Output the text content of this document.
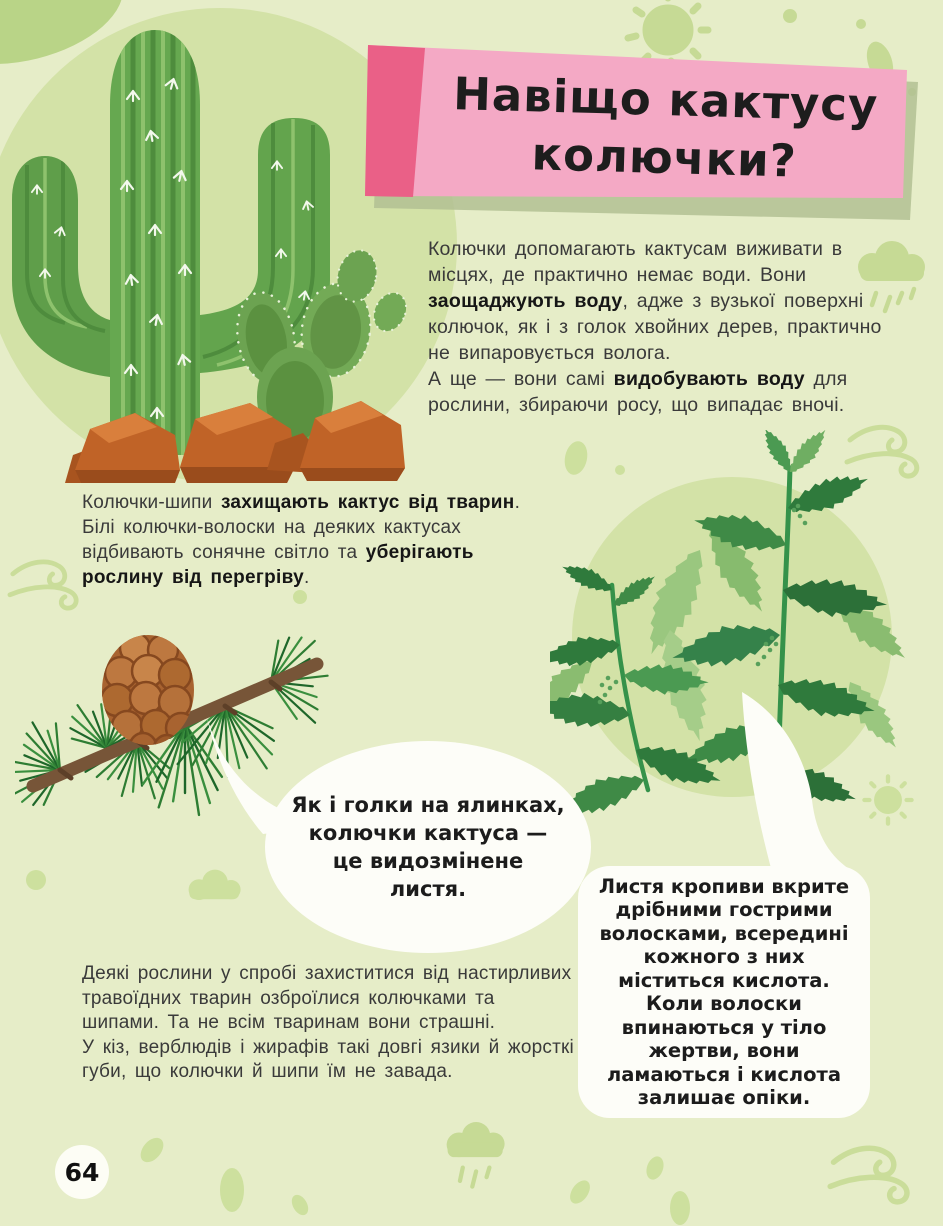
Навіщо кактусу
колючки?
Колючки допомагають кактусам виживати в місцях, де практично немає води. Вони заощаджують воду, адже з вузької поверхні колючок, як і з голок хвойних дерев, практично не випаровується волога.
А ще — вони самі видобувають воду для рослини, збираючи росу, що випадає вночі.
Колючки-шипи захищають кактус від тварин. Білі колючки-волоски на деяких кактусах відбивають сонячне світло та уберігають рослину від перегріву.
Як і голки на ялинках, колючки кактуса — це видозмінене листя.	Листя кропиви вкрите дрібними гострими волосками, всередині кожного з них міститься кислота. Коли волоски впинаються у тіло жертви, вони ламаються і кислота залишає опіки.
Деякі рослини у спробі захиститися від настирливих травоїдних тварин озброїлися колючками та шипами. Та не всім тваринам вони страшні.
У кіз, верблюдів і жирафів такі довгі язики й жорсткі губи, що колючки й шипи їм не завада.
64
